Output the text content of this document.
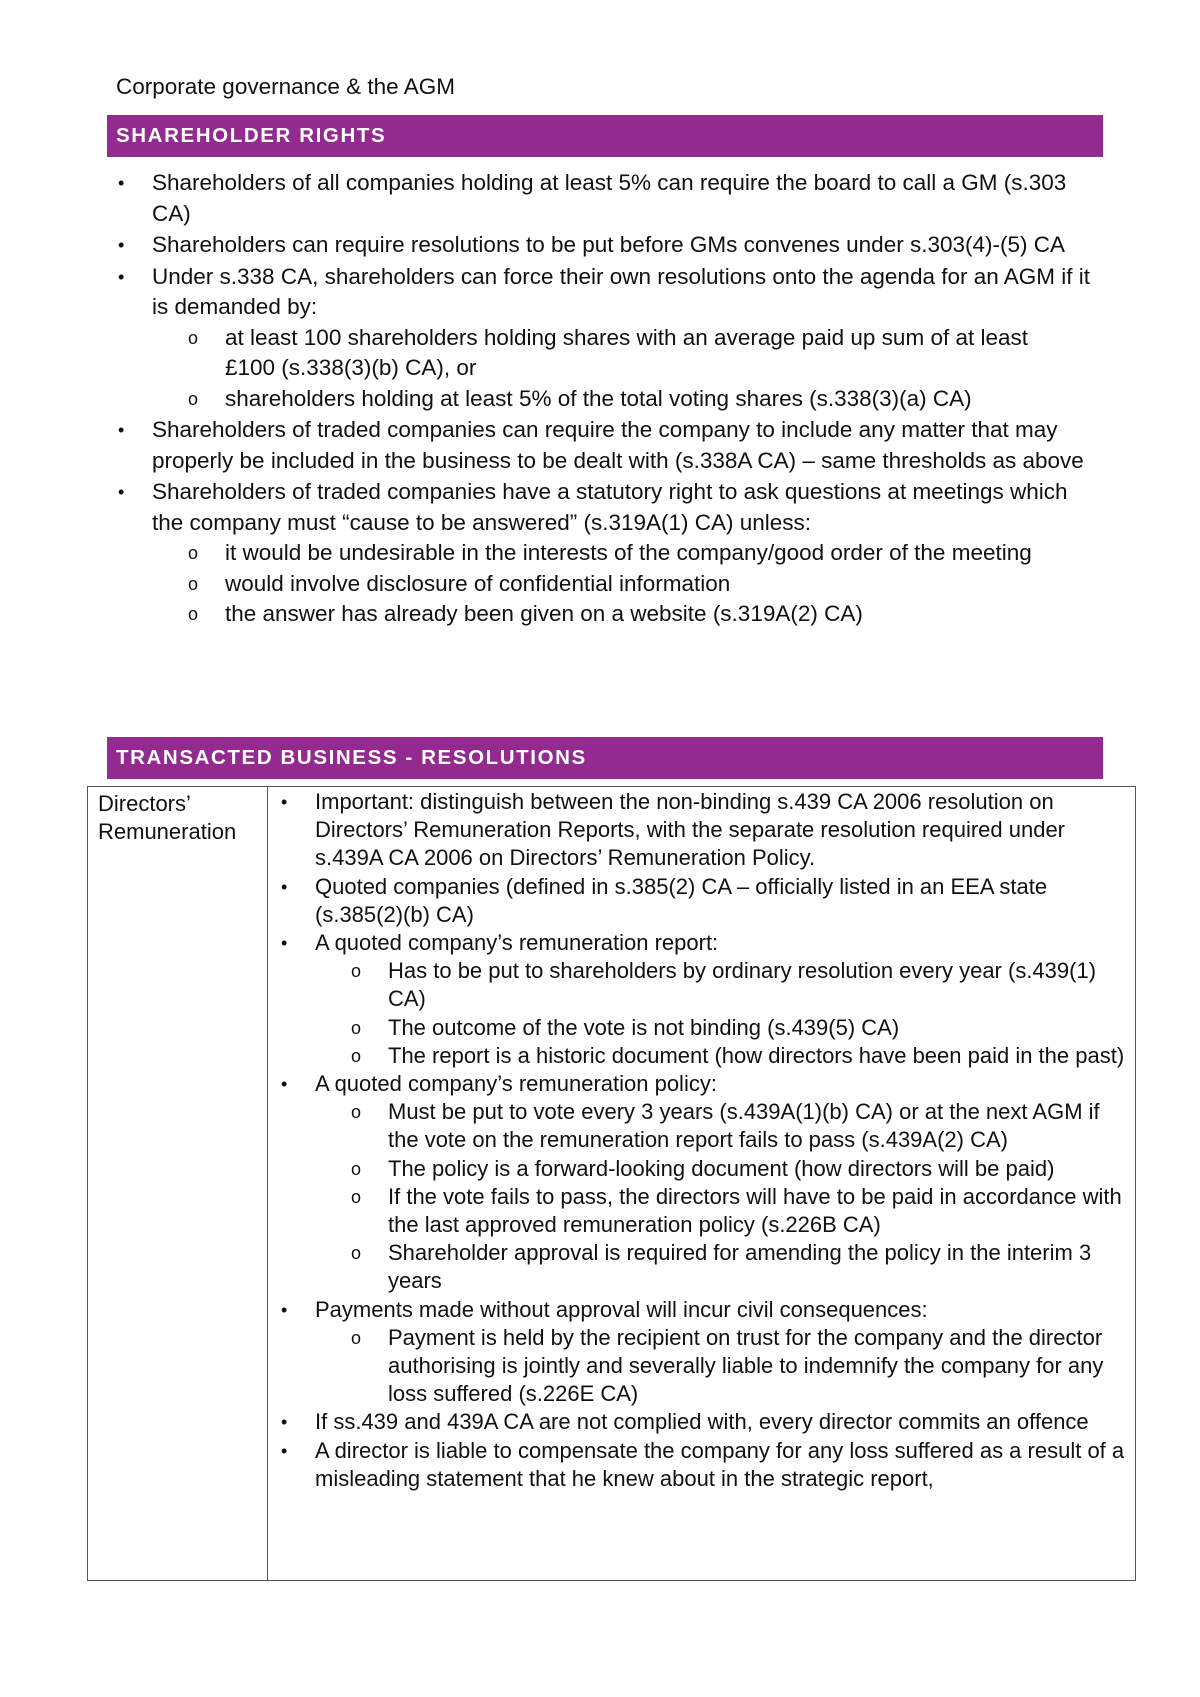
Corporate governance & the AGM
SHAREHOLDER RIGHTS
• Shareholders of all companies holding at least 5% can require the board to call a GM (s.303 CA)
• Shareholders can require resolutions to be put before GMs convenes under s.303(4)-(5) CA
• Under s.338 CA, shareholders can force their own resolutions onto the agenda for an AGM if it is demanded by:
o at least 100 shareholders holding shares with an average paid up sum of at least £100 (s.338(3)(b) CA), or
o shareholders holding at least 5% of the total voting shares (s.338(3)(a) CA)
• Shareholders of traded companies can require the company to include any matter that may properly be included in the business to be dealt with (s.338A CA) – same thresholds as above
• Shareholders of traded companies have a statutory right to ask questions at meetings which the company must “cause to be answered” (s.319A(1) CA) unless:
o it would be undesirable in the interests of the company/good order of the meeting
o would involve disclosure of confidential information
o the answer has already been given on a website (s.319A(2) CA)
TRANSACTED BUSINESS - RESOLUTIONS
Directors’ Remuneration	
• Important: distinguish between the non-binding s.439 CA 2006 resolution on Directors’ Remuneration Reports, with the separate resolution required under s.439A CA 2006 on Directors’ Remuneration Policy.
• Quoted companies (defined in s.385(2) CA – officially listed in an EEA state (s.385(2)(b) CA)
• A quoted company’s remuneration report:
o Has to be put to shareholders by ordinary resolution every year (s.439(1) CA)
o The outcome of the vote is not binding (s.439(5) CA)
o The report is a historic document (how directors have been paid in the past)
• A quoted company’s remuneration policy:
o Must be put to vote every 3 years (s.439A(1)(b) CA) or at the next AGM if the vote on the remuneration report fails to pass (s.439A(2) CA)
o The policy is a forward-looking document (how directors will be paid)
o If the vote fails to pass, the directors will have to be paid in accordance with the last approved remuneration policy (s.226B CA)
o Shareholder approval is required for amending the policy in the interim 3 years
• Payments made without approval will incur civil consequences:
o Payment is held by the recipient on trust for the company and the director authorising is jointly and severally liable to indemnify the company for any loss suffered (s.226E CA)
• If ss.439 and 439A CA are not complied with, every director commits an offence
• A director is liable to compensate the company for any loss suffered as a result of a misleading statement that he knew about in the strategic report,
